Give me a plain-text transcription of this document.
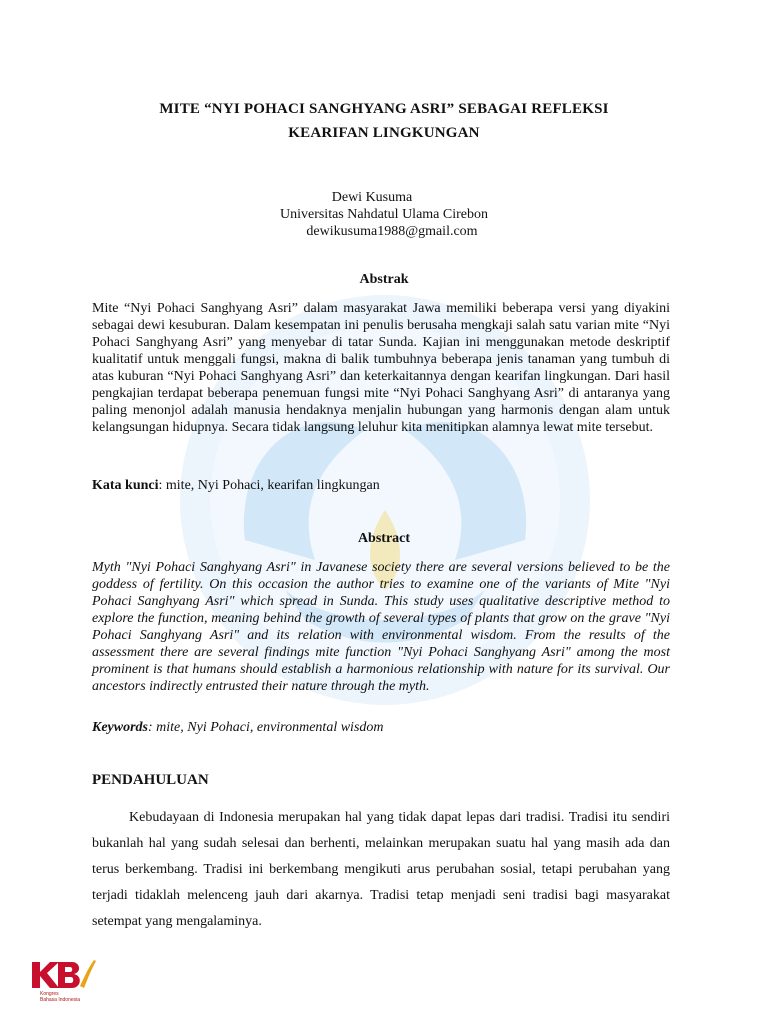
MITE “NYI POHACI SANGHYANG ASRI” SEBAGAI REFLEKSI
KEARIFAN LINGKUNGAN
Dewi Kusuma
Universitas Nahdatul Ulama Cirebon
dewikusuma1988@gmail.com
Abstrak

Mite “Nyi Pohaci Sanghyang Asri” dalam masyarakat Jawa memiliki beberapa versi yang diyakini sebagai dewi kesuburan. Dalam kesempatan ini penulis berusaha mengkaji salah satu varian mite “Nyi Pohaci Sanghyang Asri” yang menyebar di tatar Sunda. Kajian ini menggunakan metode deskriptif kualitatif untuk menggali fungsi, makna di balik tumbuhnya beberapa jenis tanaman yang tumbuh di atas kuburan “Nyi Pohaci Sanghyang Asri” dan keterkaitannya dengan kearifan lingkungan. Dari hasil pengkajian terdapat beberapa penemuan fungsi mite “Nyi Pohaci Sanghyang Asri” di antaranya yang paling menonjol adalah manusia hendaknya menjalin hubungan yang harmonis dengan alam untuk kelangsungan hidupnya. Secara tidak langsung leluhur kita menitipkan alamnya lewat mite tersebut.

Kata kunci: mite, Nyi Pohaci, kearifan lingkungan
Abstract

Myth "Nyi Pohaci Sanghyang Asri" in Javanese society there are several versions believed to be the goddess of fertility. On this occasion the author tries to examine one of the variants of Mite "Nyi Pohaci Sanghyang Asri" which spread in Sunda. This study uses qualitative descriptive method to explore the function, meaning behind the growth of several types of plants that grow on the grave "Nyi Pohaci Sanghyang Asri" and its relation with environmental wisdom. From the results of the assessment there are several findings mite function "Nyi Pohaci Sanghyang Asri" among the most prominent is that humans should establish a harmonious relationship with nature for its survival. Our ancestors indirectly entrusted their nature through the myth.

Keywords: mite, Nyi Pohaci, environmental wisdom
PENDAHULUAN

Kebudayaan di Indonesia merupakan hal yang tidak dapat lepas dari tradisi. Tradisi itu sendiri bukanlah hal yang sudah selesai dan berhenti, melainkan merupakan suatu hal yang masih ada dan terus berkembang. Tradisi ini berkembang mengikuti arus perubahan sosial, tetapi perubahan yang terjadi tidaklah melenceng jauh dari akarnya. Tradisi tetap menjadi seni tradisi bagi masyarakat setempat yang mengalaminya.

Kongres
Bahasa Indonesia
